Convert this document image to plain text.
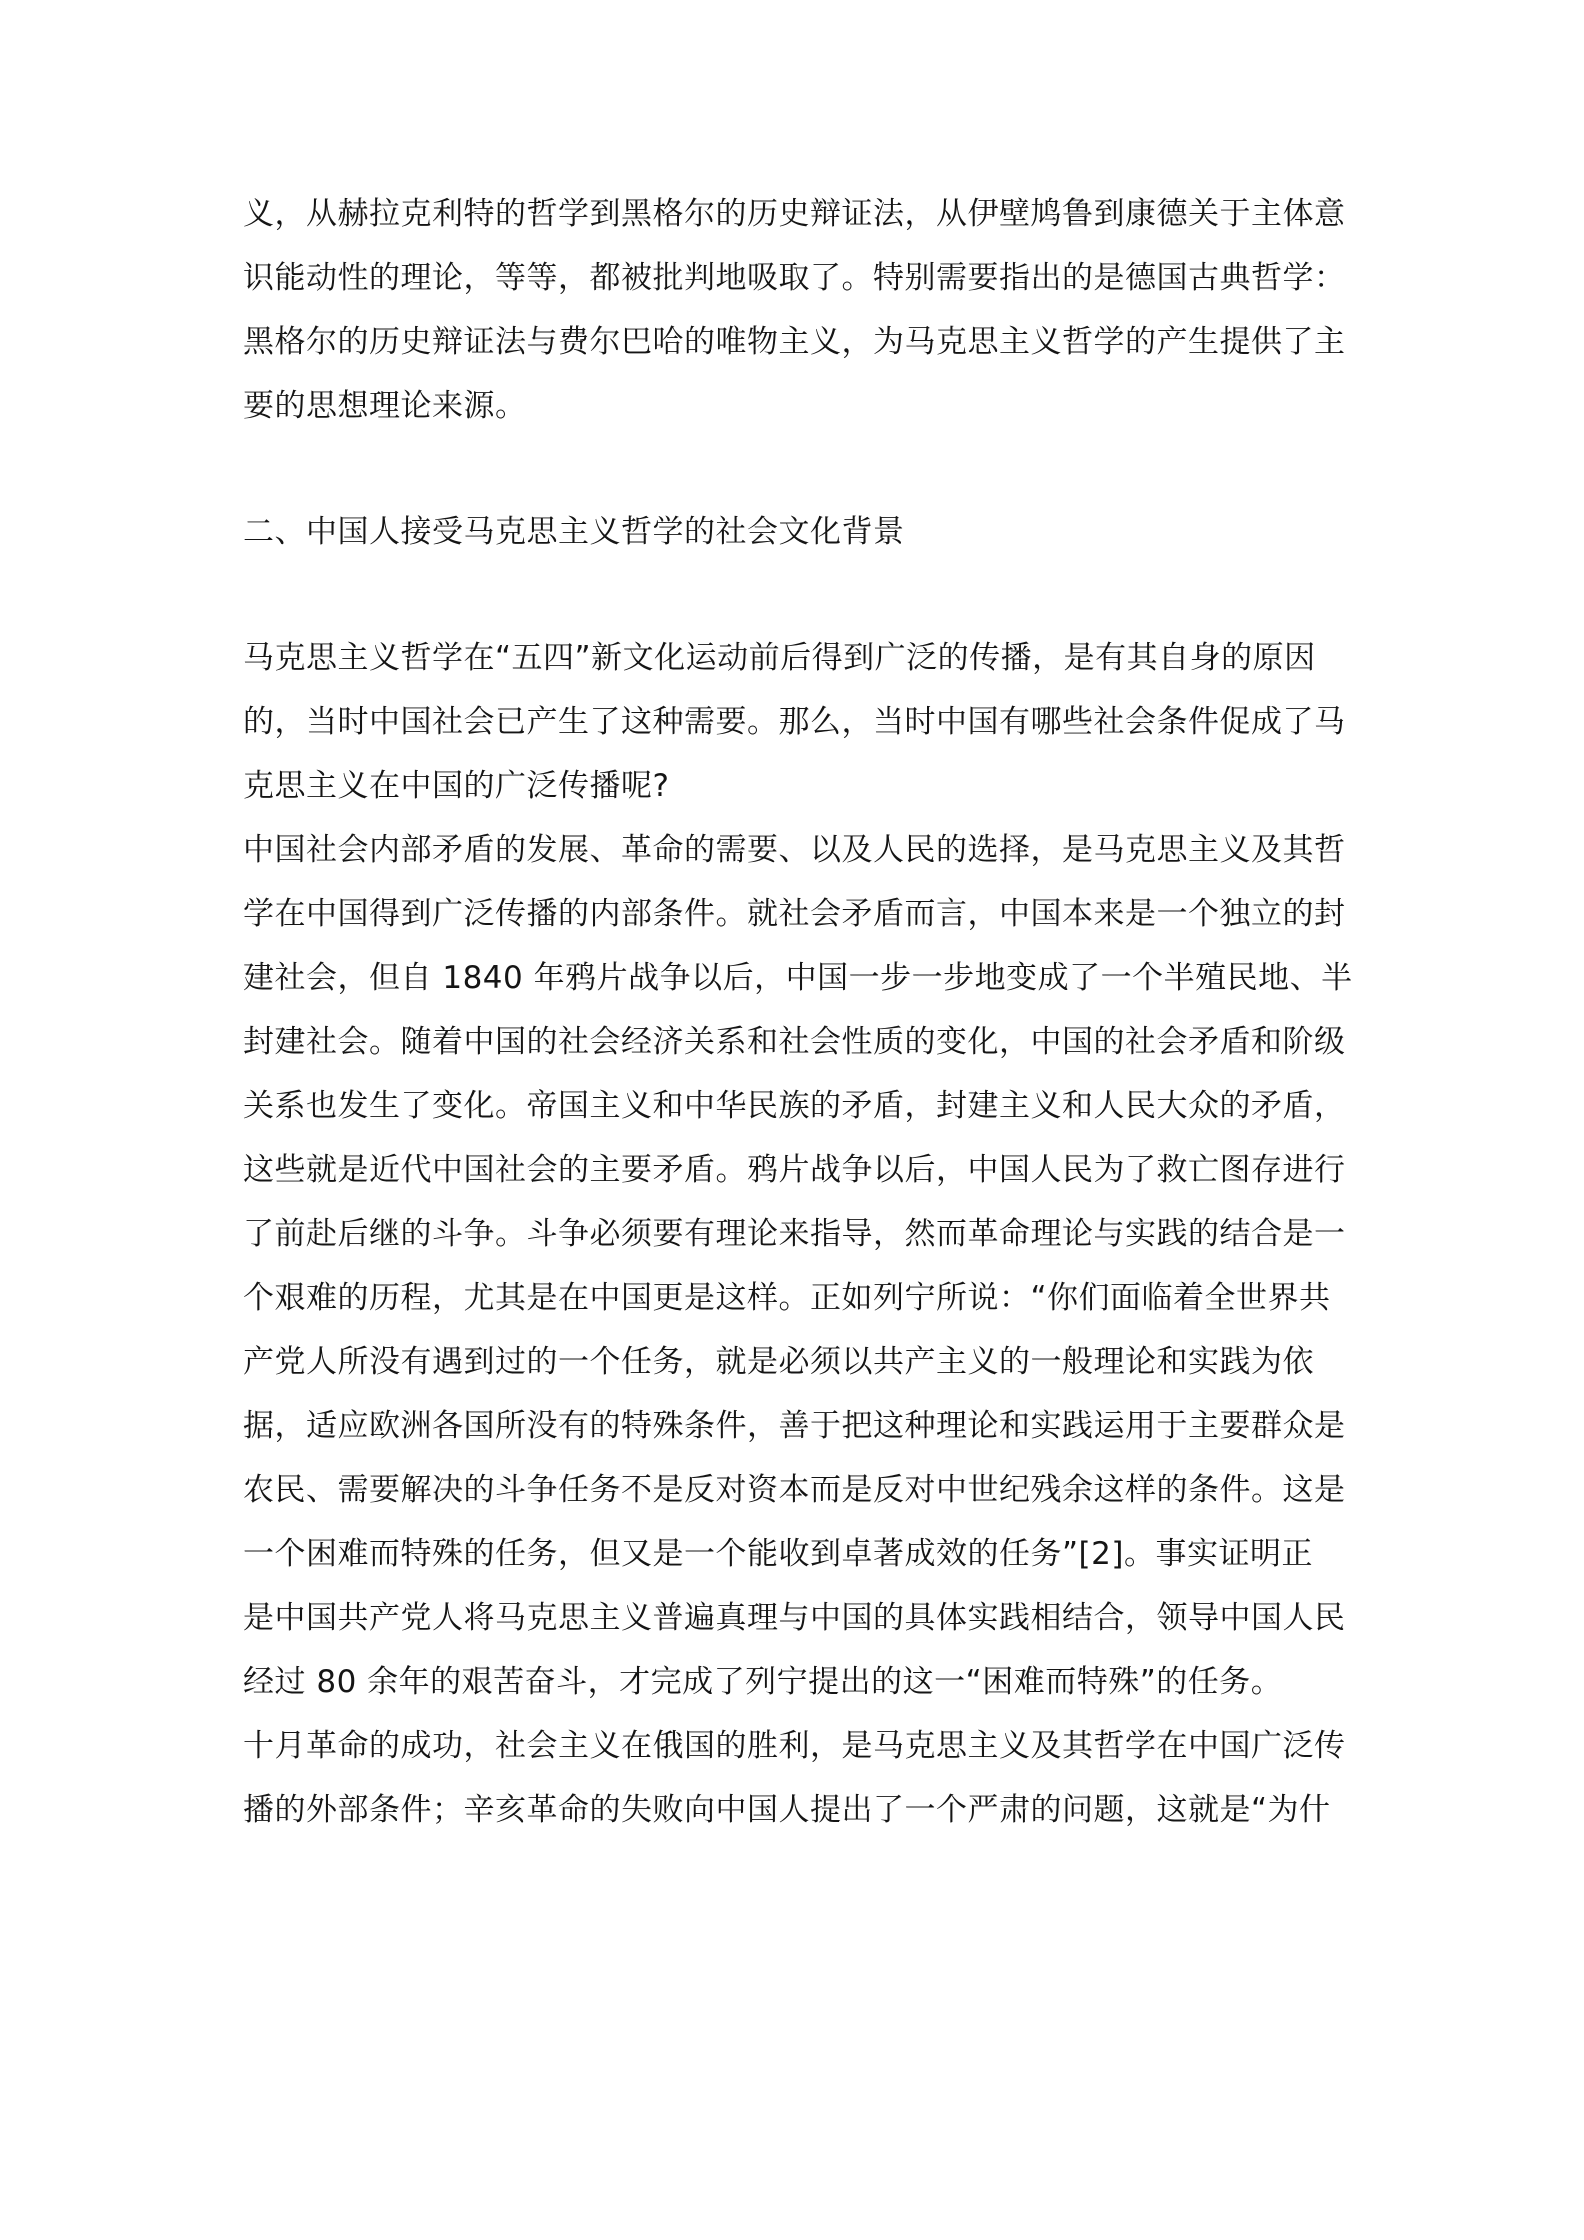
义，从赫拉克利特的哲学到黑格尔的历史辩证法，从伊壁鸠鲁到康德关于主体意
识能动性的理论，等等，都被批判地吸取了。特别需要指出的是德国古典哲学：
黑格尔的历史辩证法与费尔巴哈的唯物主义，为马克思主义哲学的产生提供了主
要的思想理论来源。
二、中国人接受马克思主义哲学的社会文化背景
马克思主义哲学在“五四”新文化运动前后得到广泛的传播，是有其自身的原因
的，当时中国社会已产生了这种需要。那么，当时中国有哪些社会条件促成了马
克思主义在中国的广泛传播呢?
中国社会内部矛盾的发展、革命的需要、以及人民的选择，是马克思主义及其哲
学在中国得到广泛传播的内部条件。就社会矛盾而言，中国本来是一个独立的封
建社会，但自 1840 年鸦片战争以后，中国一步一步地变成了一个半殖民地、半
封建社会。随着中国的社会经济关系和社会性质的变化，中国的社会矛盾和阶级
关系也发生了变化。帝国主义和中华民族的矛盾，封建主义和人民大众的矛盾，
这些就是近代中国社会的主要矛盾。鸦片战争以后，中国人民为了救亡图存进行
了前赴后继的斗争。斗争必须要有理论来指导，然而革命理论与实践的结合是一
个艰难的历程，尤其是在中国更是这样。正如列宁所说：“你们面临着全世界共
产党人所没有遇到过的一个任务，就是必须以共产主义的一般理论和实践为依
据，适应欧洲各国所没有的特殊条件，善于把这种理论和实践运用于主要群众是
农民、需要解决的斗争任务不是反对资本而是反对中世纪残余这样的条件。这是
一个困难而特殊的任务，但又是一个能收到卓著成效的任务”[2]。事实证明正
是中国共产党人将马克思主义普遍真理与中国的具体实践相结合，领导中国人民
经过 80 余年的艰苦奋斗，才完成了列宁提出的这一“困难而特殊”的任务。
十月革命的成功，社会主义在俄国的胜利，是马克思主义及其哲学在中国广泛传
播的外部条件；辛亥革命的失败向中国人提出了一个严肃的问题，这就是“为什
